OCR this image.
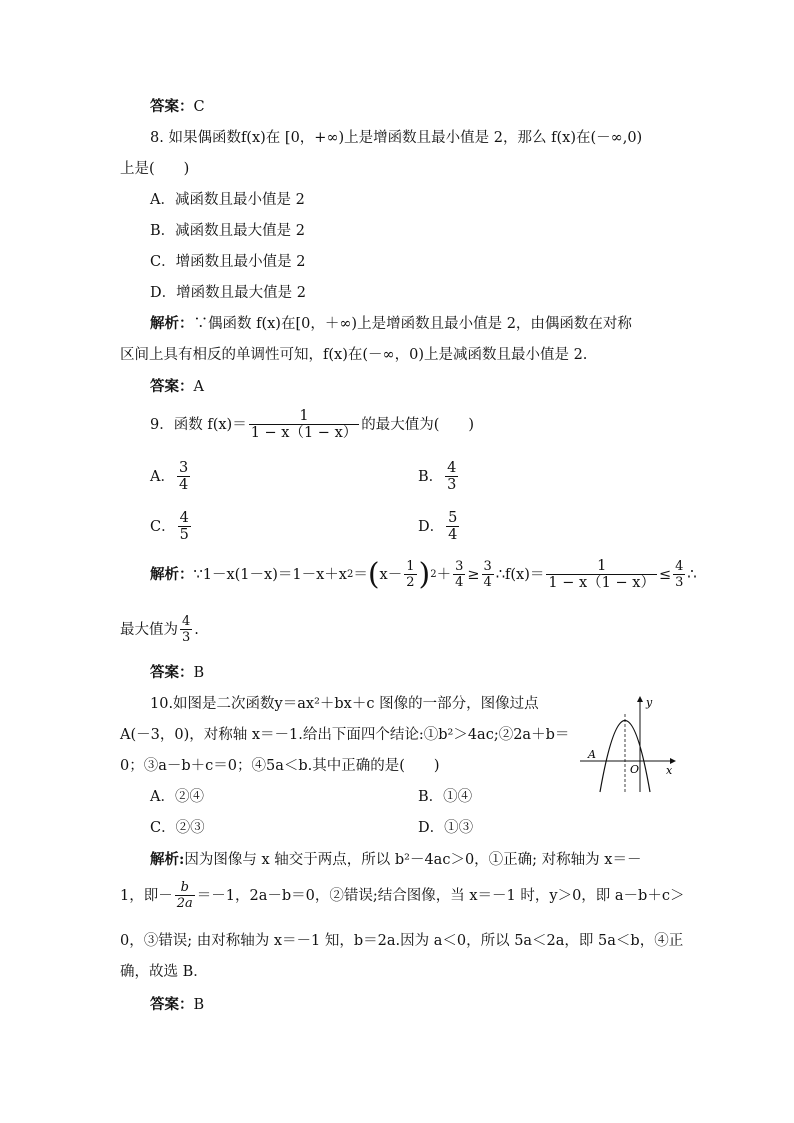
答案：C
8. 如果偶函数f(x)在 [0，+∞)上是增函数且最小值是 2，那么 f(x)在(－∞,0)
上是(　　)
A．减函数且最小值是 2
B．减函数且最大值是 2
C．增函数且最小值是 2
D．增函数且最大值是 2
解析：∵偶函数 f(x)在[0，＋∞)上是增函数且最小值是 2，由偶函数在对称
区间上具有相反的单调性可知，f(x)在(－∞，0)上是减函数且最小值是 2.
答案：A
9．函数 $f(x)= \frac{1}{1 - x(1 - x)}$ 的最大值为(　　)
A． $\frac{3}{4}$	B． $\frac{4}{3}$
C． $\frac{4}{5}$	D． $\frac{5}{4}$
解析： ∵1－x(1－x)＝1－x＋x 2 ＝ ( $x- \frac{1}{2}$ ) $2 + \frac{3}{4} \ge \frac{3}{4}$ ∴f(x)＝ $\frac{1}{1 - x(1 - x)} \le \frac{4}{3}$ ∴
最大值为 $\frac{4}{3}$ .
答案：B
10.如图是二次函数y＝ax²＋bx＋c 图像的一部分，图像过点
A(－3，0)，对称轴 x＝－1.给出下面四个结论:①b²＞4ac;②2a＋b＝
0；③a－b＋c＝0；④5a＜b.其中正确的是(　　)
y
x
A
O
A．②④	B．①④
C．②③	D．①③
解析:因为图像与 x 轴交于两点，所以 b²－4ac＞0，①正确; 对称轴为 x＝－
1，即－ $\frac{b}{2a} =-1$，2a－b＝0，②错误;结合图像，当 x＝－1 时，y＞0，即 a－b＋c＞
0，③错误; 由对称轴为 x＝－1 知，b＝2a.因为 a＜0，所以 5a＜2a，即 5a＜b，④正
确，故选 B．
答案：B
